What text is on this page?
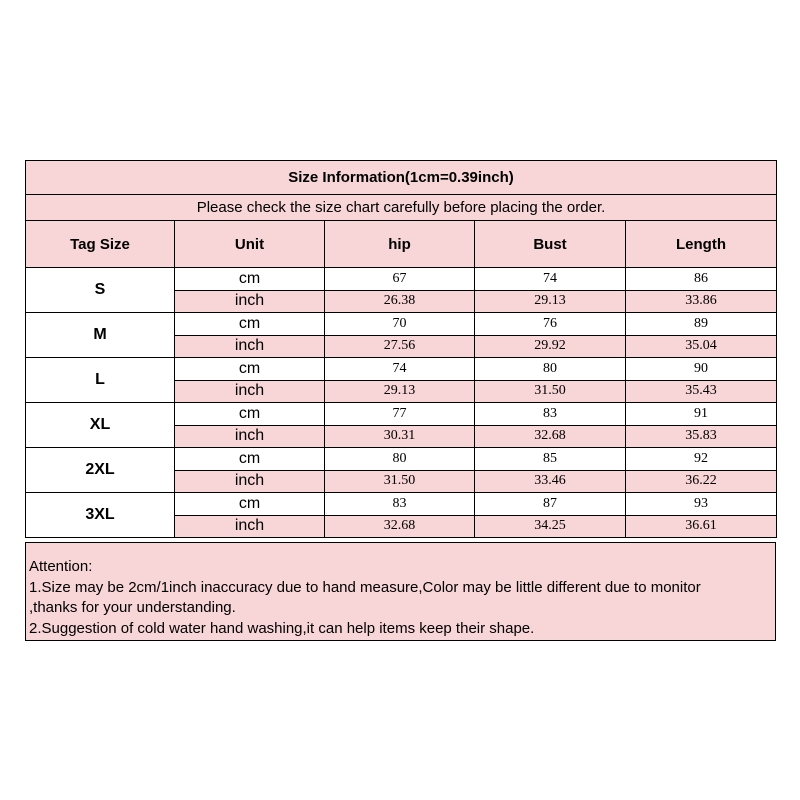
Size Information(1cm=0.39inch)				
Please check the size chart carefully before placing the order.				
Tag Size	Unit	hip	Bust	Length
S	cm	67	74	86
	inch	26.38	29.13	33.86
M	cm	70	76	89
	inch	27.56	29.92	35.04
L	cm	74	80	90
	inch	29.13	31.50	35.43
XL	cm	77	83	91
	inch	30.31	32.68	35.83
2XL	cm	80	85	92
	inch	31.50	33.46	36.22
3XL	cm	83	87	93
	inch	32.68	34.25	36.61
Attention:
1.Size may be 2cm/1inch inaccuracy due to hand measure,Color may be little different due to monitor
,thanks for your understanding.
2.Suggestion of cold water hand washing,it can help items keep their shape.
